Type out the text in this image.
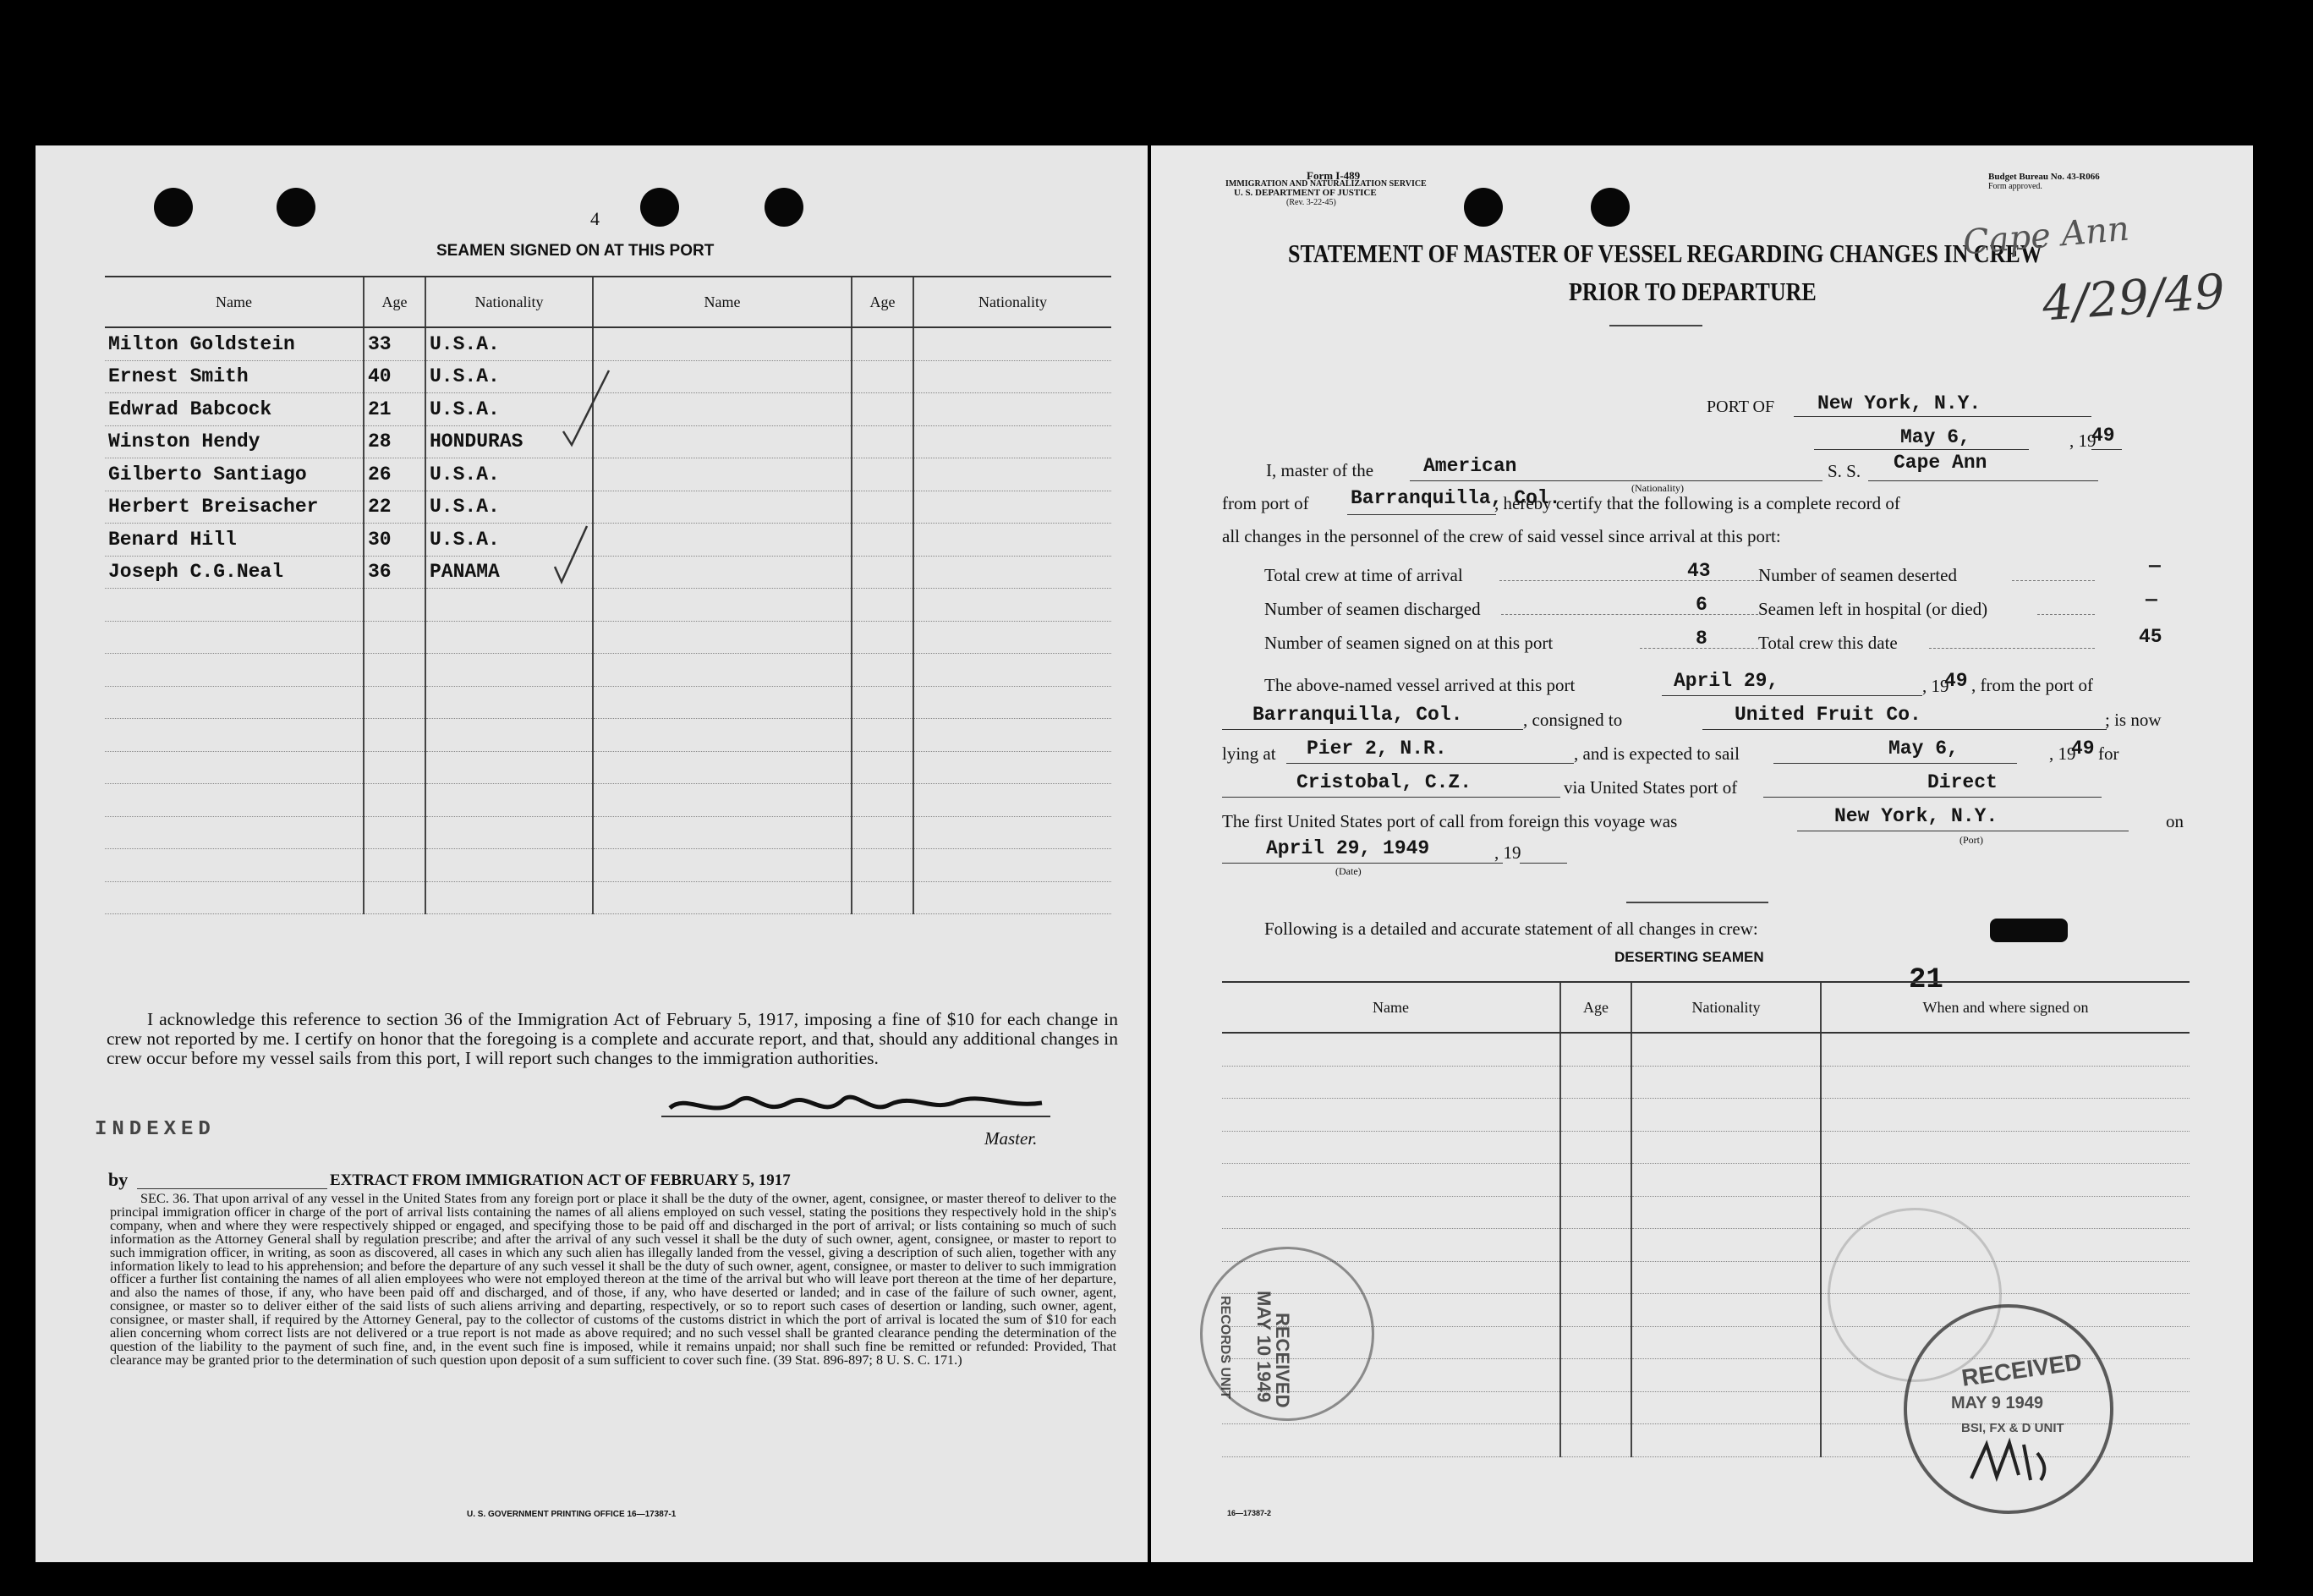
4
SEAMEN SIGNED ON AT THIS PORT
Name	Age	Nationality	Name	Age	Nationality
Milton Goldstein	33	U.S.A.			
Ernest Smith	40	U.S.A.			
Edwrad Babcock	21	U.S.A.			
Winston Hendy	28	HONDURAS			
Gilberto Santiago	26	U.S.A.			
Herbert Breisacher	22	U.S.A.			
Benard Hill	30	U.S.A.			
Joseph C.G.Neal	36	PANAMA			

I acknowledge this reference to section 36 of the Immigration Act of February 5, 1917, imposing a fine of $10 for each change in crew not reported by me. I certify on honor that the foregoing is a complete and accurate report, and that, should any additional changes in crew occur before my vessel sails from this port, I will report such changes to the immigration authorities.
Master.
INDEXED
by	EXTRACT FROM IMMIGRATION ACT OF FEBRUARY 5, 1917
SEC. 36. That upon arrival of any vessel in the United States from any foreign port or place it shall be the duty of the owner, agent, consignee, or master thereof to deliver to the principal immigration officer in charge of the port of arrival lists containing the names of all aliens employed on such vessel, stating the positions they respectively hold in the ship's company, when and where they were respectively shipped or engaged, and specifying those to be paid off and discharged in the port of arrival; or lists containing so much of such information as the Attorney General shall by regulation prescribe; and after the arrival of any such vessel it shall be the duty of such owner, agent, consignee, or master to report to such immigration officer, in writing, as soon as discovered, all cases in which any such alien has illegally landed from the vessel, giving a description of such alien, together with any information likely to lead to his apprehension; and before the departure of any such vessel it shall be the duty of such owner, agent, consignee, or master to deliver to such immigration officer a further list containing the names of all alien employees who were not employed thereon at the time of the arrival but who will leave port thereon at the time of her departure, and also the names of those, if any, who have been paid off and discharged, and of those, if any, who have deserted or landed; and in case of the failure of such owner, agent, consignee, or master so to deliver either of the said lists of such aliens arriving and departing, respectively, or so to report such cases of desertion or landing, such owner, agent, consignee, or master shall, if required by the Attorney General, pay to the collector of customs of the customs district in which the port of arrival is located the sum of $10 for each alien concerning whom correct lists are not delivered or a true report is not made as above required; and no such vessel shall be granted clearance pending the determination of the question of the liability to the payment of such fine, and, in the event such fine is imposed, while it remains unpaid; nor shall such fine be remitted or refunded: Provided, That clearance may be granted prior to the determination of such question upon deposit of a sum sufficient to cover such fine. (39 Stat. 896-897; 8 U. S. C. 171.)
U. S. GOVERNMENT PRINTING OFFICE 16—17387-1
Form I-489
IMMIGRATION AND NATURALIZATION SERVICE
U. S. DEPARTMENT OF JUSTICE
(Rev. 3-22-45)
Budget Bureau No. 43-R066
Form approved.
STATEMENT OF MASTER OF VESSEL REGARDING CHANGES IN CREW
PRIOR TO DEPARTURE
Cape Ann
4/29/49
PORT OF New York, N.Y.
May 6,	, 19
49
I, master of the	American
(Nationality)
S. S. Cape Ann
from port of Barranquilla, Col.
, hereby certify that the following is a complete record of
all changes in the personnel of the crew of said vessel since arrival at this port:
Total crew at time of arrival	43	Number of seamen deserted	—
Number of seamen discharged	6	Seamen left in hospital (or died)	—
Number of seamen signed on at this port	8	Total crew this date	45
The above-named vessel arrived at this port	April 29,	, 19
49 , from the port of
Barranquilla, Col.	, consigned to	United Fruit Co.	; is now
lying at Pier 2, N.R.	, and is expected to sail	May 6,	, 19
49 for
Cristobal, C.Z.	via United States port of	Direct
The first United States port of call from foreign this voyage was	New York, N.Y.
(Port)
on
April 29, 1949
(Date)
, 19
Following is a detailed and accurate statement of all changes in crew:
DESERTING SEAMEN
21
Name	Age	Nationality	When and where signed on

RECEIVED
MAY 10 1949
RECORDS UNIT	RECEIVED
MAY 9 1949
BSI, FX & D UNIT
16—17387-2
